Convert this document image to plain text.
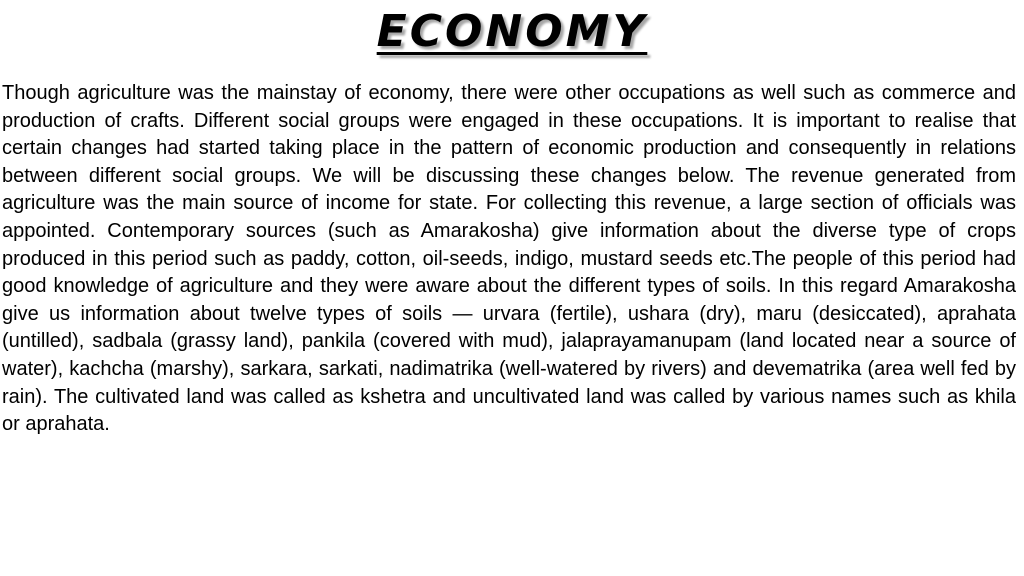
ECONOMY

Though agriculture was the mainstay of economy, there were other occupations as well such as commerce and production of crafts. Different social groups were engaged in these occupations. It is important to realise that certain changes had started taking place in the pattern of economic production and consequently in relations between different social groups. We will be discussing these changes below. The revenue generated from agriculture was the main source of income for state. For collecting this revenue, a large section of officials was appointed. Contemporary sources (such as Amarakosha) give information about the diverse type of crops produced in this period such as paddy, cotton, oil-seeds, indigo, mustard seeds etc.The people of this period had good knowledge of agriculture and they were aware about the different types of soils. In this regard Amarakosha give us information about twelve types of soils — urvara (fertile), ushara (dry), maru (desiccated), aprahata (untilled), sadbala (grassy land), pankila (covered with mud), jalaprayamanupam (land located near a source of water), kachcha (marshy), sarkara, sarkati, nadimatrika (well-watered by rivers) and devematrika (area well fed by rain). The cultivated land was called as kshetra and uncultivated land was called by various names such as khila or aprahata.
